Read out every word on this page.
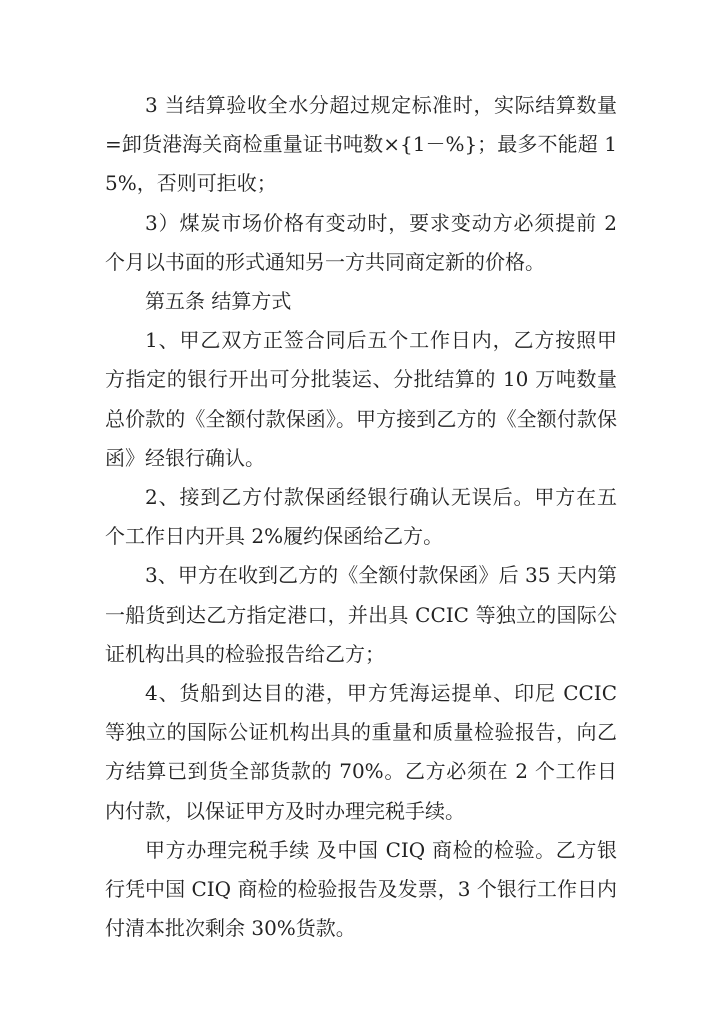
3 当结算验收全水分超过规定标准时，实际结算数量=卸货港海关商检重量证书吨数×{1－%}；最多不能超 15%，否则可拒收；

3）煤炭市场价格有变动时，要求变动方必须提前 2 个月以书面的形式通知另一方共同商定新的价格。

第五条 结算方式

1、甲乙双方正签合同后五个工作日内，乙方按照甲方指定的银行开出可分批装运、分批结算的 10 万吨数量总价款的《全额付款保函》。甲方接到乙方的《全额付款保函》经银行确认。

2、接到乙方付款保函经银行确认无误后。甲方在五个工作日内开具 2%履约保函给乙方。

3、甲方在收到乙方的《全额付款保函》后 35 天内第一船货到达乙方指定港口，并出具 CCIC 等独立的国际公证机构出具的检验报告给乙方；

4、货船到达目的港，甲方凭海运提单、印尼 CCIC 等独立的国际公证机构出具的重量和质量检验报告，向乙方结算已到货全部货款的 70%。乙方必须在 2 个工作日内付款，以保证甲方及时办理完税手续。

甲方办理完税手续 及中国 CIQ 商检的检验。乙方银行凭中国 CIQ 商检的检验报告及发票，3 个银行工作日内付清本批次剩余 30%货款。
